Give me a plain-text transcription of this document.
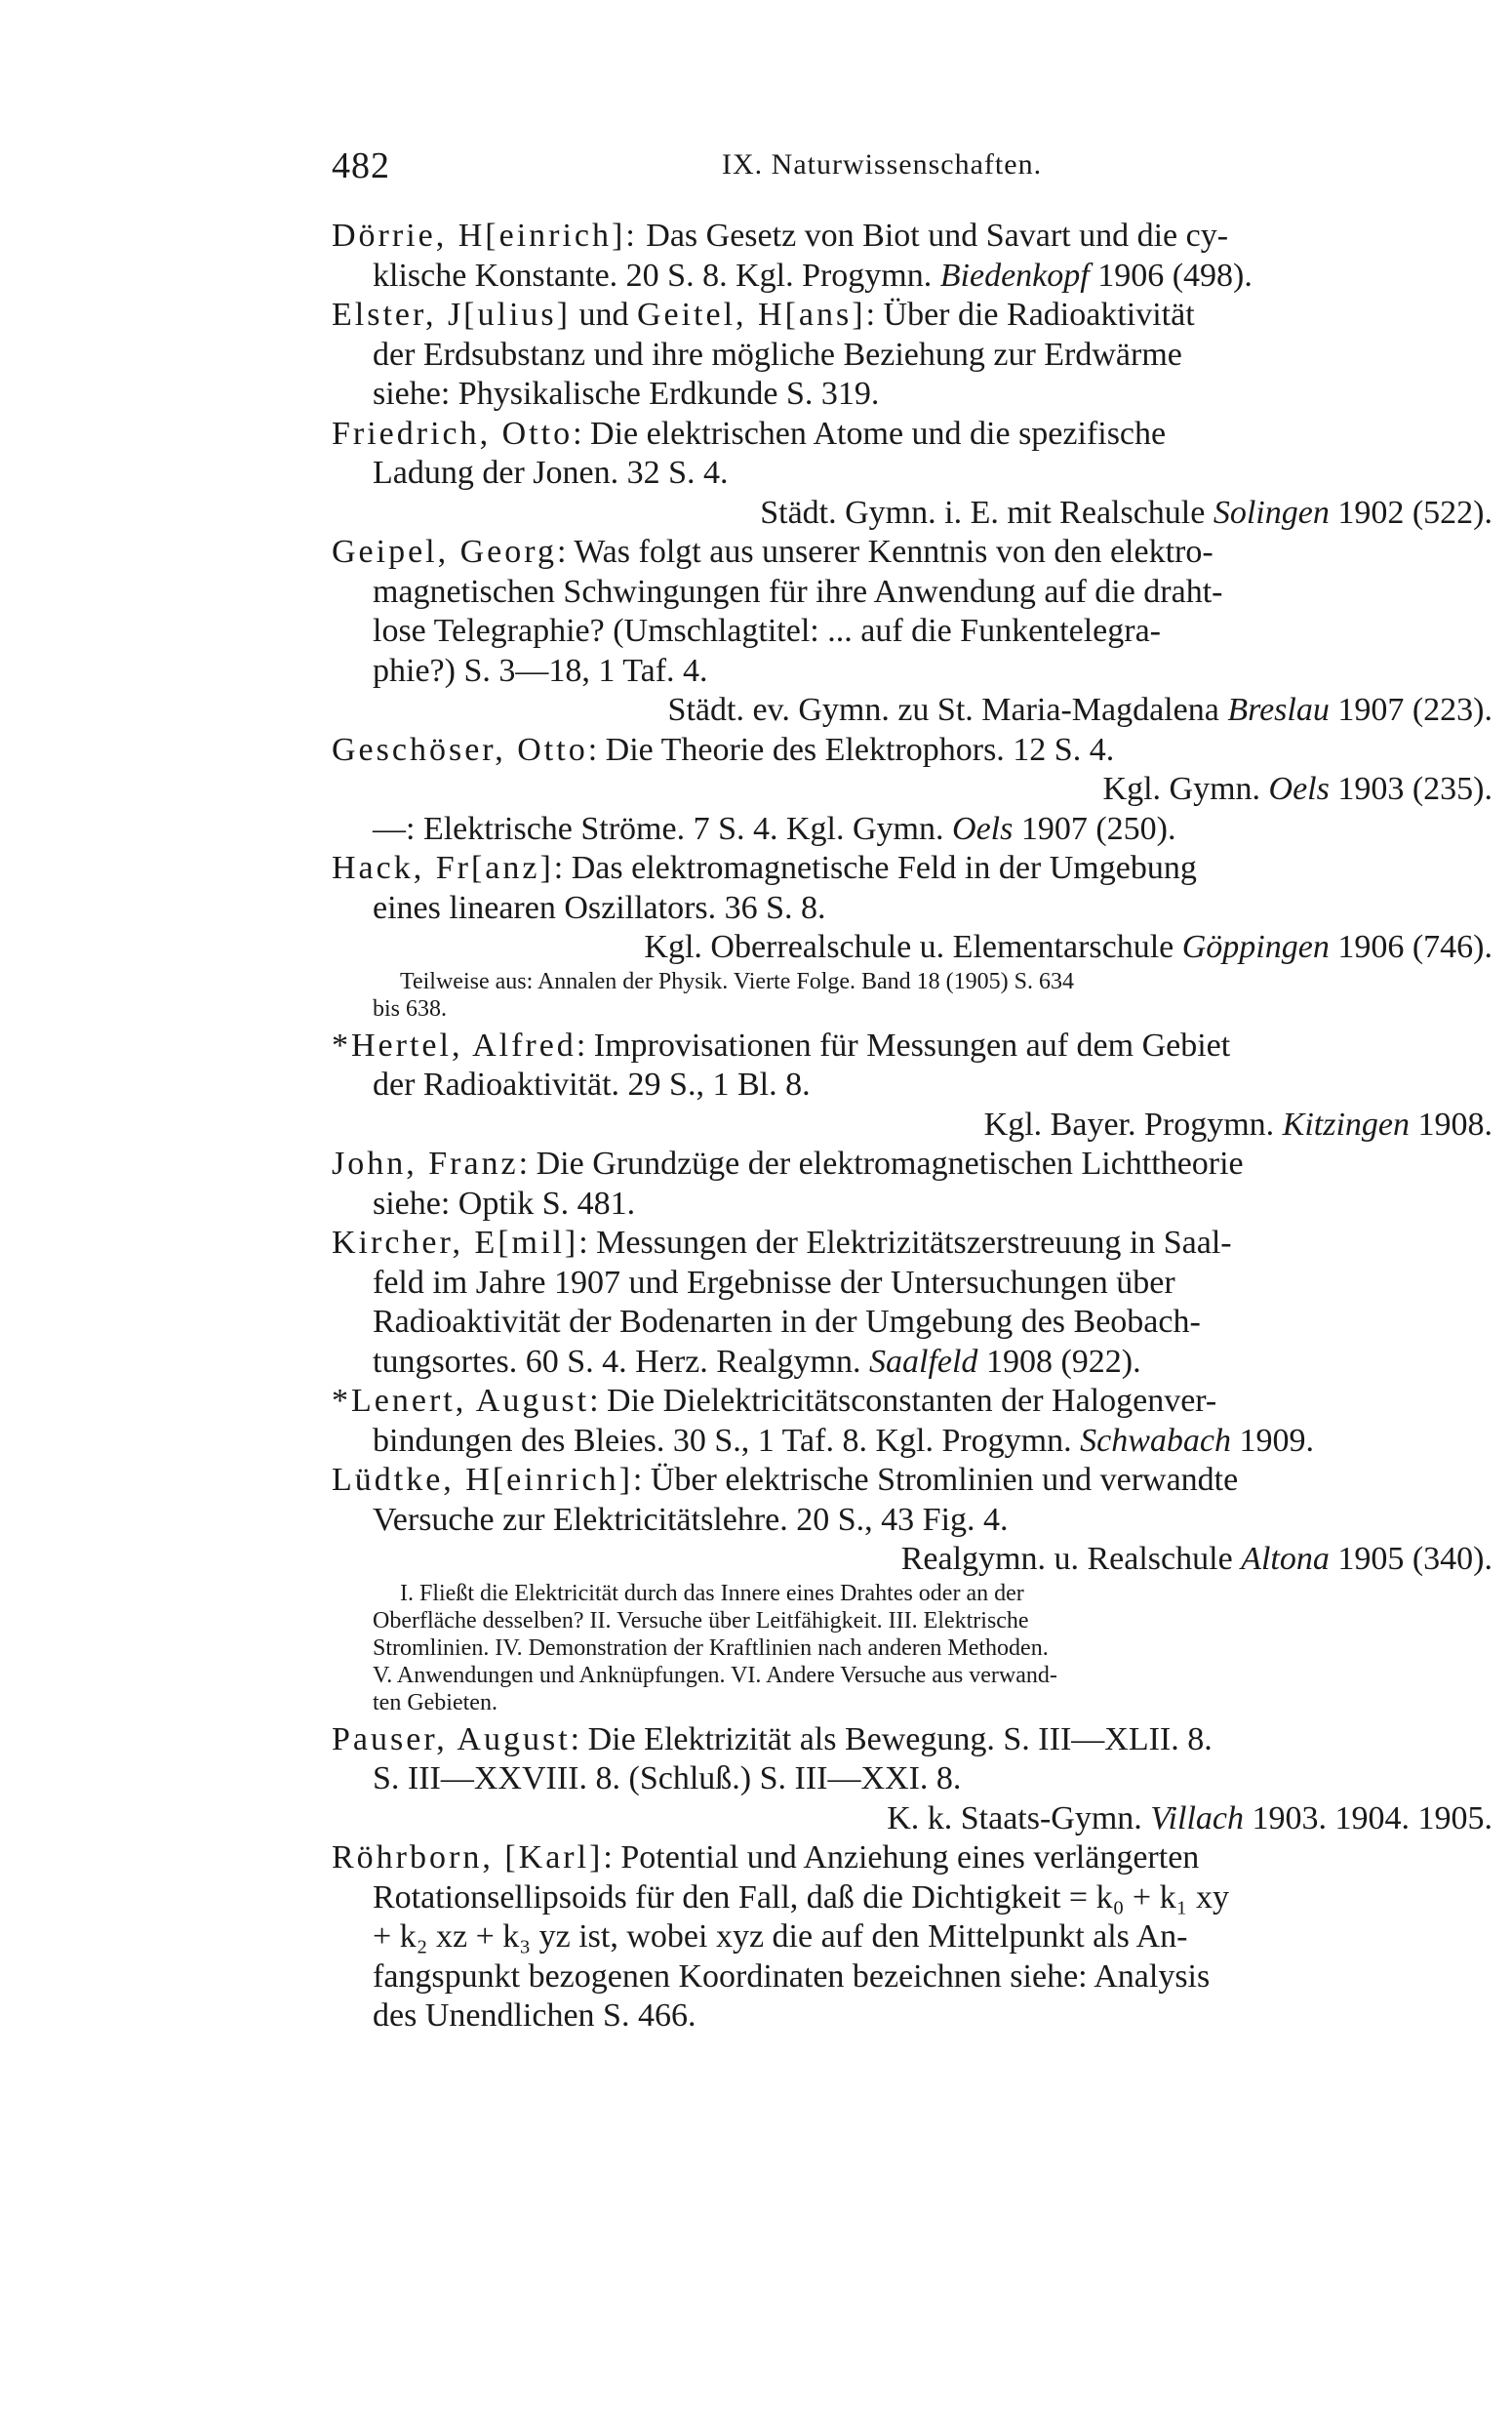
482	IX. Naturwissenschaften.
Dörrie, H[einrich]: Das Gesetz von Biot und Savart und die cy-
klische Konstante. 20 S. 8. Kgl. Progymn. Biedenkopf 1906 (498).
Elster, J[ulius] und Geitel, H[ans]: Über die Radioaktivität
der Erdsubstanz und ihre mögliche Beziehung zur Erdwärme
siehe: Physikalische Erdkunde S. 319.
Friedrich, Otto: Die elektrischen Atome und die spezifische
Ladung der Jonen. 32 S. 4.
Städt. Gymn. i. E. mit Realschule Solingen 1902 (522).
Geipel, Georg: Was folgt aus unserer Kenntnis von den elektro-
magnetischen Schwingungen für ihre Anwendung auf die draht-
lose Telegraphie? (Umschlagtitel: ... auf die Funkentelegra-
phie?) S. 3—18, 1 Taf. 4.
Städt. ev. Gymn. zu St. Maria-Magdalena Breslau 1907 (223).
Geschöser, Otto: Die Theorie des Elektrophors. 12 S. 4.
Kgl. Gymn. Oels 1903 (235).
—: Elektrische Ströme. 7 S. 4. Kgl. Gymn. Oels 1907 (250).
Hack, Fr[anz]: Das elektromagnetische Feld in der Umgebung
eines linearen Oszillators. 36 S. 8.
Kgl. Oberrealschule u. Elementarschule Göppingen 1906 (746).
Teilweise aus: Annalen der Physik. Vierte Folge. Band 18 (1905) S. 634
bis 638.
*Hertel, Alfred: Improvisationen für Messungen auf dem Gebiet
der Radioaktivität. 29 S., 1 Bl. 8.
Kgl. Bayer. Progymn. Kitzingen 1908.
John, Franz: Die Grundzüge der elektromagnetischen Lichttheorie
siehe: Optik S. 481.
Kircher, E[mil]: Messungen der Elektrizitätszerstreuung in Saal-
feld im Jahre 1907 und Ergebnisse der Untersuchungen über
Radioaktivität der Bodenarten in der Umgebung des Beobach-
tungsortes. 60 S. 4. Herz. Realgymn. Saalfeld 1908 (922).
*Lenert, August: Die Dielektricitätsconstanten der Halogenver-
bindungen des Bleies. 30 S., 1 Taf. 8. Kgl. Progymn. Schwabach 1909.
Lüdtke, H[einrich]: Über elektrische Stromlinien und verwandte
Versuche zur Elektricitätslehre. 20 S., 43 Fig. 4.
Realgymn. u. Realschule Altona 1905 (340).
I. Fließt die Elektricität durch das Innere eines Drahtes oder an der
Oberfläche desselben? II. Versuche über Leitfähigkeit. III. Elektrische
Stromlinien. IV. Demonstration der Kraftlinien nach anderen Methoden.
V. Anwendungen und Anknüpfungen. VI. Andere Versuche aus verwand-
ten Gebieten.
Pauser, August: Die Elektrizität als Bewegung. S. III—XLII. 8.
S. III—XXVIII. 8. (Schluß.) S. III—XXI. 8.
K. k. Staats-Gymn. Villach 1903. 1904. 1905.
Röhrborn, [Karl]: Potential und Anziehung eines verlängerten
Rotationsellipsoids für den Fall, daß die Dichtigkeit = k₀ + k₁ xy
+ k₂ xz + k₃ yz ist, wobei xyz die auf den Mittelpunkt als An-
fangspunkt bezogenen Koordinaten bezeichnen siehe: Analysis
des Unendlichen S. 466.
